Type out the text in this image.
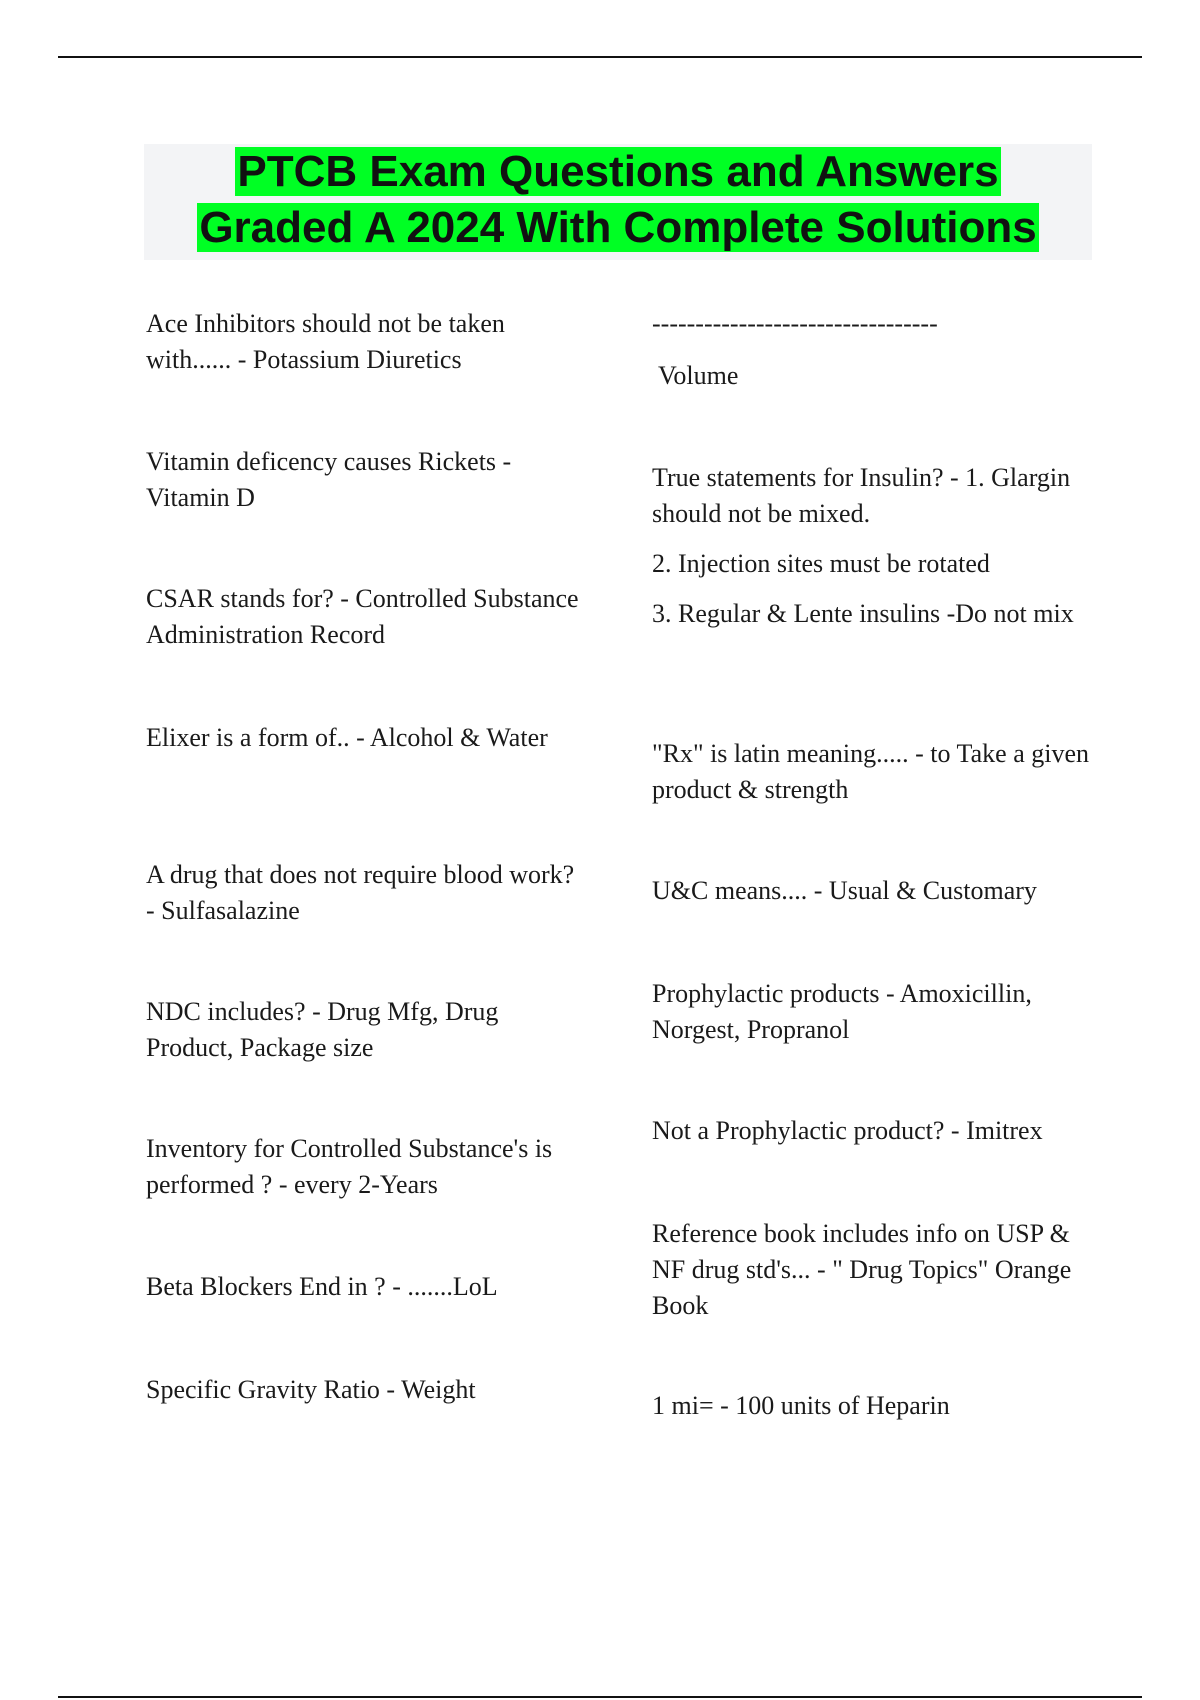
PTCB Exam Questions and Answers
Graded A 2024 With Complete Solutions

Ace Inhibitors should not be taken with...... - Potassium Diuretics

Vitamin deficency causes Rickets - Vitamin D

CSAR stands for? - Controlled Substance Administration Record

Elixer is a form of.. - Alcohol & Water

A drug that does not require blood work? - Sulfasalazine

NDC includes? - Drug Mfg, Drug Product, Package size

Inventory for Controlled Substance's is performed ? - every 2-Years

Beta Blockers End in ? - .......LoL

Specific Gravity Ratio - Weight

---------------------------------

Volume

True statements for Insulin? - 1. Glargin should not be mixed.

2. Injection sites must be rotated

3. Regular & Lente insulins -Do not mix

"Rx" is latin meaning..... - to Take a given product & strength

U&C means.... - Usual & Customary

Prophylactic products - Amoxicillin, Norgest, Propranol

Not a Prophylactic product? - Imitrex

Reference book includes info on USP & NF drug std's... - " Drug Topics" Orange Book

1 mi= - 100 units of Heparin
